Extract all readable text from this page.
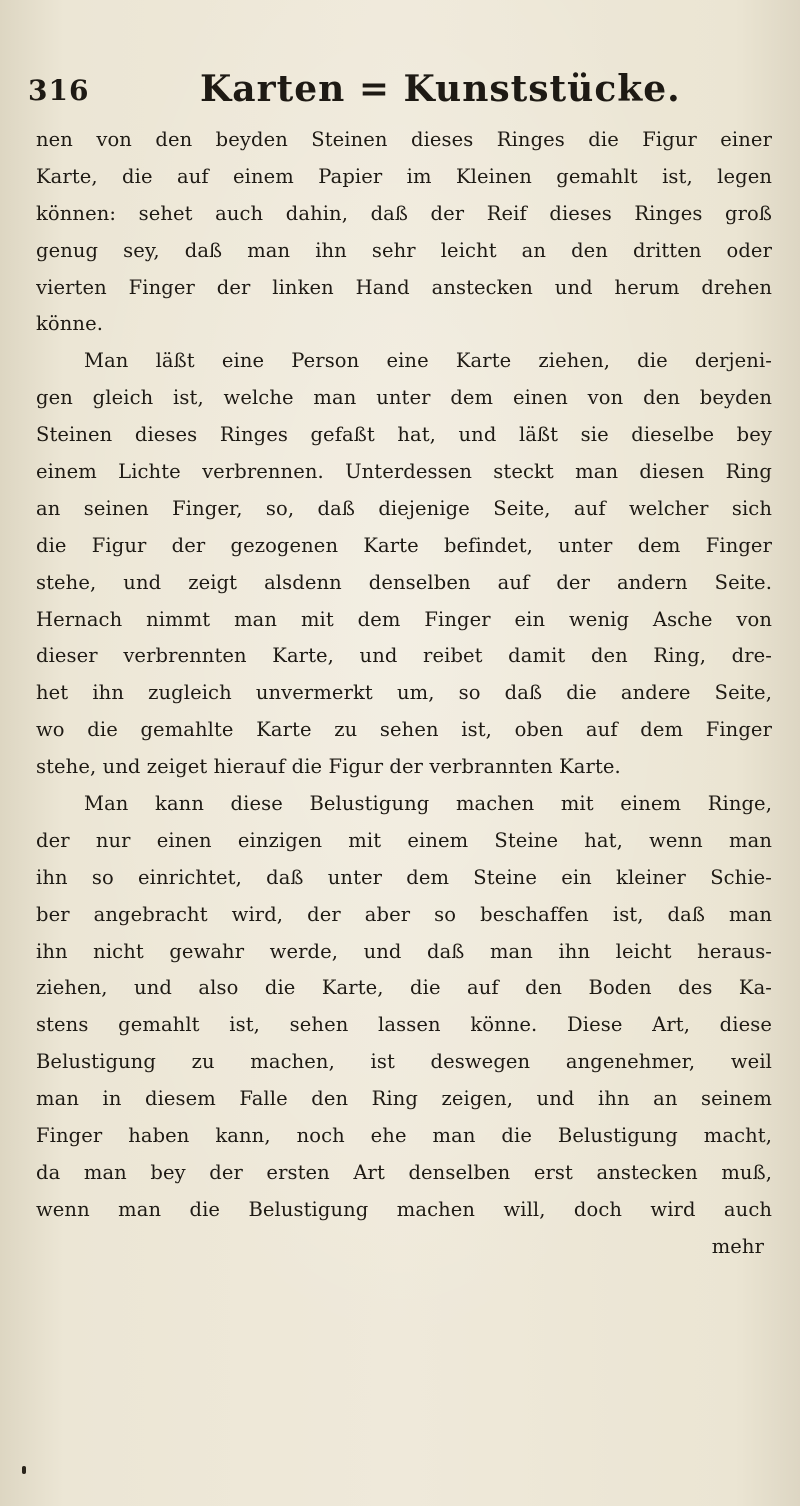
316	Karten = Kunststücke.
nen von den beyden Steinen dieses Ringes die Figur einer
Karte, die auf einem Papier im Kleinen gemahlt ist, legen
können: sehet auch dahin, daß der Reif dieses Ringes groß
genug sey, daß man ihn sehr leicht an den dritten oder
vierten Finger der linken Hand anstecken und herum drehen
könne.
Man läßt eine Person eine Karte ziehen, die derjeni-
gen gleich ist, welche man unter dem einen von den beyden
Steinen dieses Ringes gefaßt hat, und läßt sie dieselbe bey
einem Lichte verbrennen. Unterdessen steckt man diesen Ring
an seinen Finger, so, daß diejenige Seite, auf welcher sich
die Figur der gezogenen Karte befindet, unter dem Finger
stehe, und zeigt alsdenn denselben auf der andern Seite.
Hernach nimmt man mit dem Finger ein wenig Asche von
dieser verbrennten Karte, und reibet damit den Ring, dre-
het ihn zugleich unvermerkt um, so daß die andere Seite,
wo die gemahlte Karte zu sehen ist, oben auf dem Finger
stehe, und zeiget hierauf die Figur der verbrannten Karte.
Man kann diese Belustigung machen mit einem Ringe,
der nur einen einzigen mit einem Steine hat, wenn man
ihn so einrichtet, daß unter dem Steine ein kleiner Schie-
ber angebracht wird, der aber so beschaffen ist, daß man
ihn nicht gewahr werde, und daß man ihn leicht heraus-
ziehen, und also die Karte, die auf den Boden des Ka-
stens gemahlt ist, sehen lassen könne. Diese Art, diese
Belustigung zu machen, ist deswegen angenehmer, weil
man in diesem Falle den Ring zeigen, und ihn an seinem
Finger haben kann, noch ehe man die Belustigung macht,
da man bey der ersten Art denselben erst anstecken muß,
wenn man die Belustigung machen will, doch wird auch
mehr
